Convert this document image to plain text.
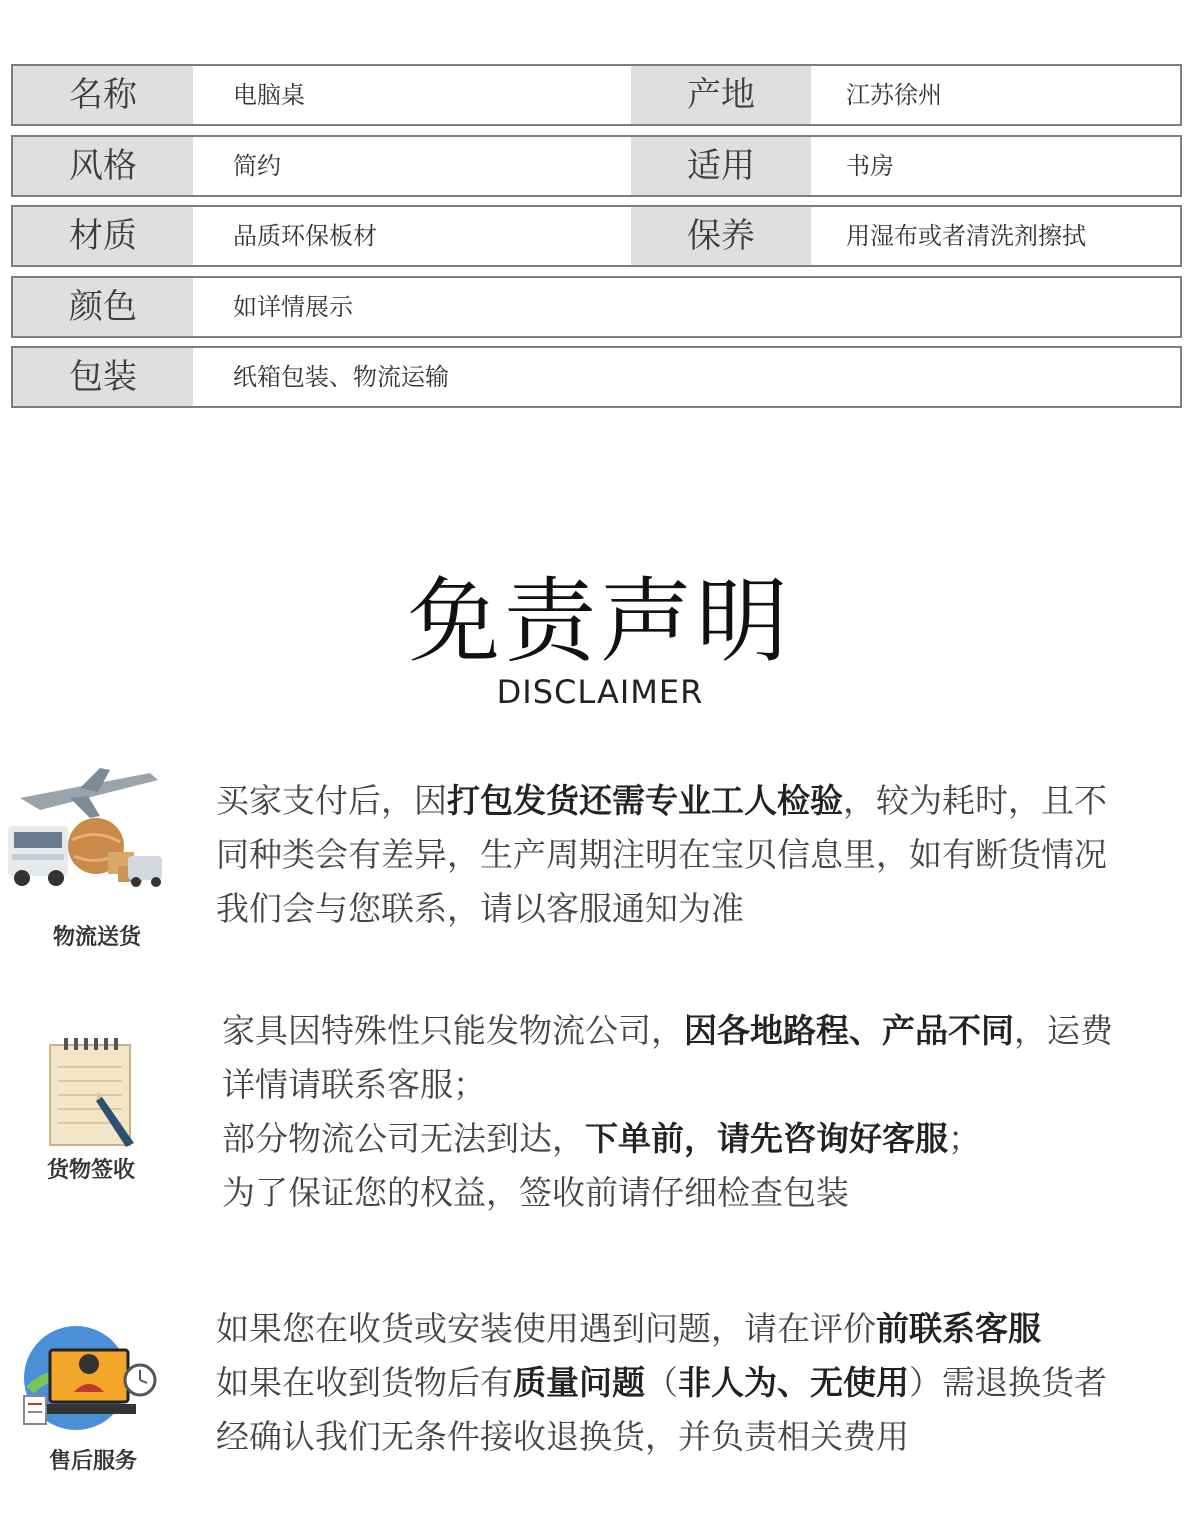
名称	电脑桌	产地	江苏徐州
风格	简约	适用	书房
材质	品质环保板材	保养	用湿布或者清洗剂擦拭
颜色	如详情展示
包装	纸箱包装、物流运输
免责声明
DISCLAIMER
物流送货
买家支付后，因打包发货还需专业工人检验，较为耗时，且不
同种类会有差异，生产周期注明在宝贝信息里，如有断货情况
我们会与您联系，请以客服通知为准
货物签收
家具因特殊性只能发物流公司，因各地路程、产品不同，运费
详情请联系客服；
部分物流公司无法到达，下单前，请先咨询好客服；
为了保证您的权益，签收前请仔细检查包装
售后服务
如果您在收货或安装使用遇到问题，请在评价前联系客服
如果在收到货物后有质量问题（非人为、无使用）需退换货者
经确认我们无条件接收退换货，并负责相关费用
